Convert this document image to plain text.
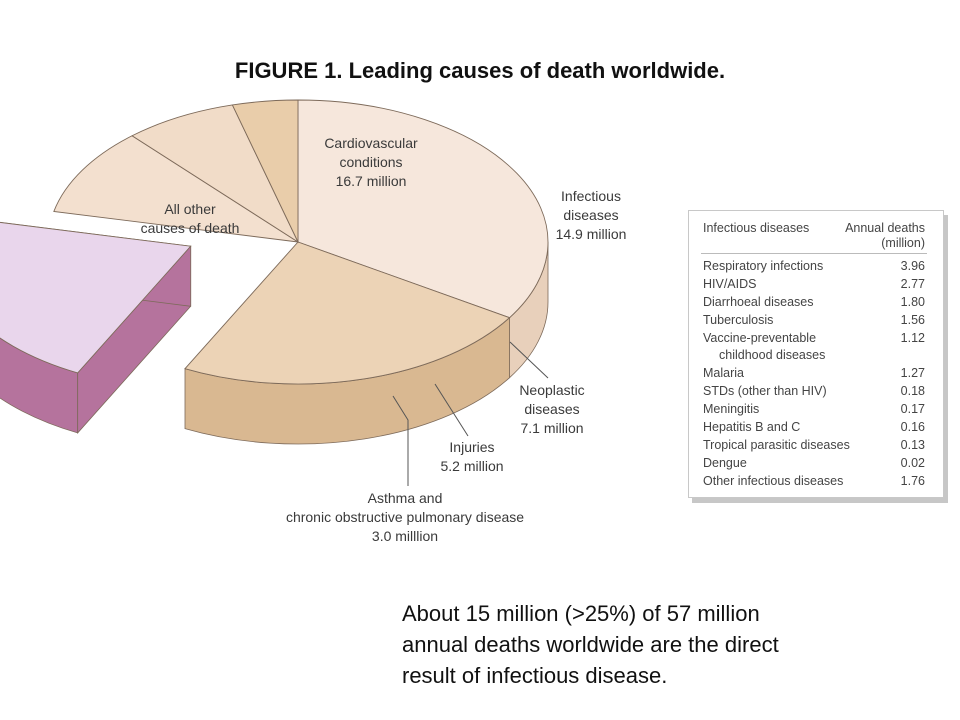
FIGURE 1. Leading causes of death worldwide.
All other causes of death
Cardiovascular conditions 16.7 million
Infectious diseases 14.9 million
Neoplastic diseases 7.1 million
Injuries 5.2 million
Asthma and chronic obstructive pulmonary disease 3.0 milllion
Infectious diseases	Annual deaths
(million)
Respiratory infections	3.96
HIV/AIDS	2.77
Diarrhoeal diseases	1.80
Tuberculosis	1.56
Vaccine-preventable
childhood diseases
1.12
Malaria	1.27
STDs (other than HIV)	0.18
Meningitis	0.17
Hepatitis B and C	0.16
Tropical parasitic diseases	0.13
Dengue	0.02
Other infectious diseases	1.76
About 15 million (>25%) of 57 million
annual deaths worldwide are the direct
result of infectious disease.
